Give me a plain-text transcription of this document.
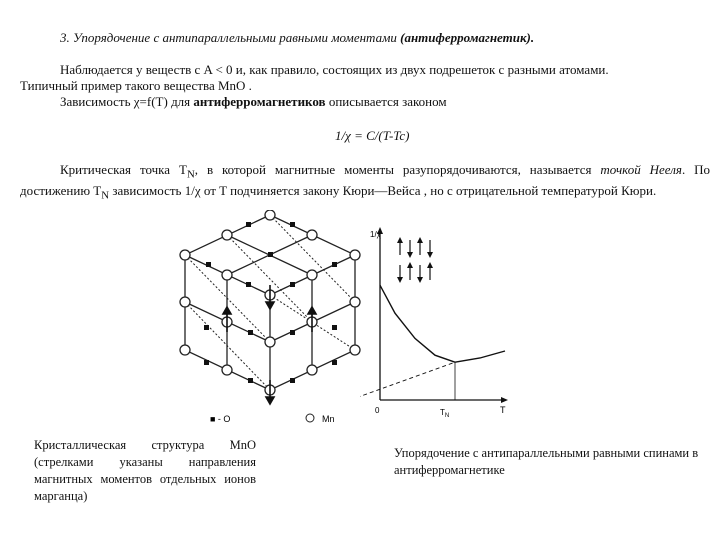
3. Упорядочение с антипараллельными равными моментами (антиферромагнетик).
Наблюдается у веществ с A < 0 и, как правило, состоящих из двух подрешеток с разными атомами.
Типичный пример такого вещества MnO .
Зависимость χ=f(T) для антиферромагнетиков описывается законом
1/χ = C/(T-Tc)
Критическая точка $T_N$, в которой магнитные моменты разупорядочиваются, называется точкой Нееля. По достижению $T_N$ зависимость 1/χ от T подчиняется закону Кюри—Вейса , но с отрицательной температурой Кюри.
■ - O	Mn
1/χ
T
0	$T_N$
Кристаллическая структура MnO (стрелками указаны направления магнитных моментов отдельных ионов марганца)
Упорядочение с антипараллельными равными спинами в антиферромагнетике
